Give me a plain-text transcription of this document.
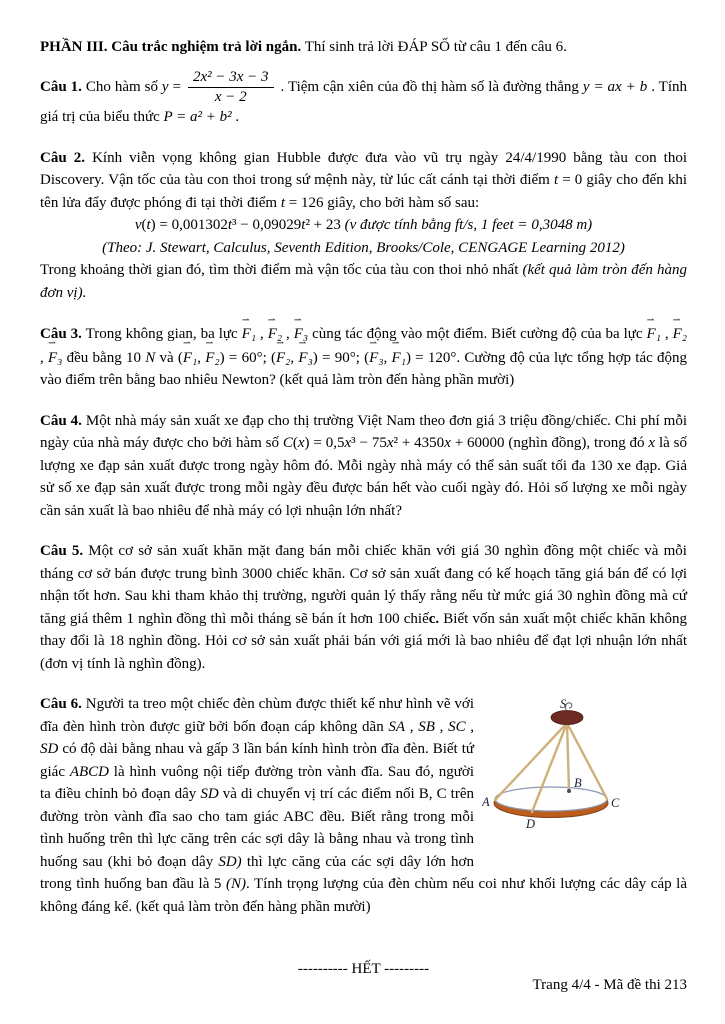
PHẦN III. Câu trắc nghiệm trả lời ngắn. Thí sinh trả lời ĐÁP SỐ từ câu 1 đến câu 6.

Câu 1. Cho hàm số $y = \frac{\text{2x² − 3x − 3}}{x - 2}$ . Tiệm cận xiên của đồ thị hàm số là đường thẳng y = ax + b . Tính giá trị của biểu thức P = a² + b² .

Câu 2. Kính viễn vọng không gian Hubble được đưa vào vũ trụ ngày 24/4/1990 bằng tàu con thoi Discovery. Vận tốc của tàu con thoi trong sứ mệnh này, từ lúc cất cánh tại thời điểm t = 0 giây cho đến khi tên lửa đẩy được phóng đi tại thời điểm t = 126 giây, cho bởi hàm số sau:

v(t) = 0,001302t³ − 0,09029t² + 23 (v được tính bằng ft/s, 1 feet = 0,3048 m)

(Theo: J. Stewart, Calculus, Seventh Edition, Brooks/Cole, CENGAGE Learning 2012)

Trong khoảng thời gian đó, tìm thời điểm mà vận tốc của tàu con thoi nhỏ nhất (kết quả làm tròn đến hàng đơn vị).

Câu 3. Trong không gian, ba lực ⇀ F₁ , ⇀ F₂ , ⇀ F₃ cùng tác động vào một điểm. Biết cường độ của ba lực ⇀ F₁ , ⇀ F₂ , ⇀ F₃ đều bằng 10 N và (⇀ F₁, ⇀ F₂) = 60°; (⇀ F₂, ⇀ F₃) = 90°; (⇀ F₃, ⇀ F₁) = 120°. Cường độ của lực tổng hợp tác động vào điểm trên bằng bao nhiêu Newton? (kết quả làm tròn đến hàng phần mười)

Câu 4. Một nhà máy sản xuất xe đạp cho thị trường Việt Nam theo đơn giá 3 triệu đồng/chiếc. Chi phí mỗi ngày của nhà máy được cho bởi hàm số C(x) = 0,5x³ − 75x² + 4350x + 60000 (nghìn đồng), trong đó x là số lượng xe đạp sản xuất được trong ngày hôm đó. Mỗi ngày nhà máy có thể sản suất tối đa 130 xe đạp. Giả sử số xe đạp sản xuất được trong mỗi ngày đều được bán hết vào cuối ngày đó. Hỏi số lượng xe mỗi ngày cần sản xuất là bao nhiêu để nhà máy có lợi nhuận lớn nhất?

Câu 5. Một cơ sở sản xuất khăn mặt đang bán mỗi chiếc khăn với giá 30 nghìn đồng một chiếc và mỗi tháng cơ sở bán được trung bình 3000 chiếc khăn. Cơ sở sản xuất đang có kế hoạch tăng giá bán để có lợi nhận tốt hơn. Sau khi tham khảo thị trường, người quản lý thấy rằng nếu từ mức giá 30 nghìn đồng mà cứ tăng giá thêm 1 nghìn đồng thì mỗi tháng sẽ bán ít hơn 100 chiếc. Biết vốn sản xuất một chiếc khăn không thay đổi là 18 nghìn đồng. Hỏi cơ sở sản xuất phải bán với giá mới là bao nhiêu để đạt lợi nhuận lớn nhất (đơn vị tính là nghìn đồng).

S
A
B
C
D

Câu 6. Người ta treo một chiếc đèn chùm được thiết kế như hình vẽ với đĩa đèn hình tròn được giữ bởi bốn đoạn cáp không dãn SA , SB , SC , SD có độ dài bằng nhau và gấp 3 lần bán kính hình tròn đĩa đèn. Biết tứ giác ABCD là hình vuông nội tiếp đường tròn vành đĩa. Sau đó, người ta điều chỉnh bỏ đoạn dây SD và di chuyển vị trí các điểm nối B, C trên đường tròn vành đĩa sao cho tam giác ABC đều. Biết rằng trong mỗi tình huống trên thì lực căng trên các sợi dây là bằng nhau và trong tình huống sau (khi bỏ đoạn dây SD) thì lực căng của các sợi dây lớn hơn trong tình huống ban đầu là 5 (N). Tính trọng lượng của đèn chùm nếu coi như khối lượng các dây cáp là không đáng kể. (kết quả làm tròn đến hàng phần mười)

---------- HẾT ---------

Trang 4/4 - Mã đề thi 213
